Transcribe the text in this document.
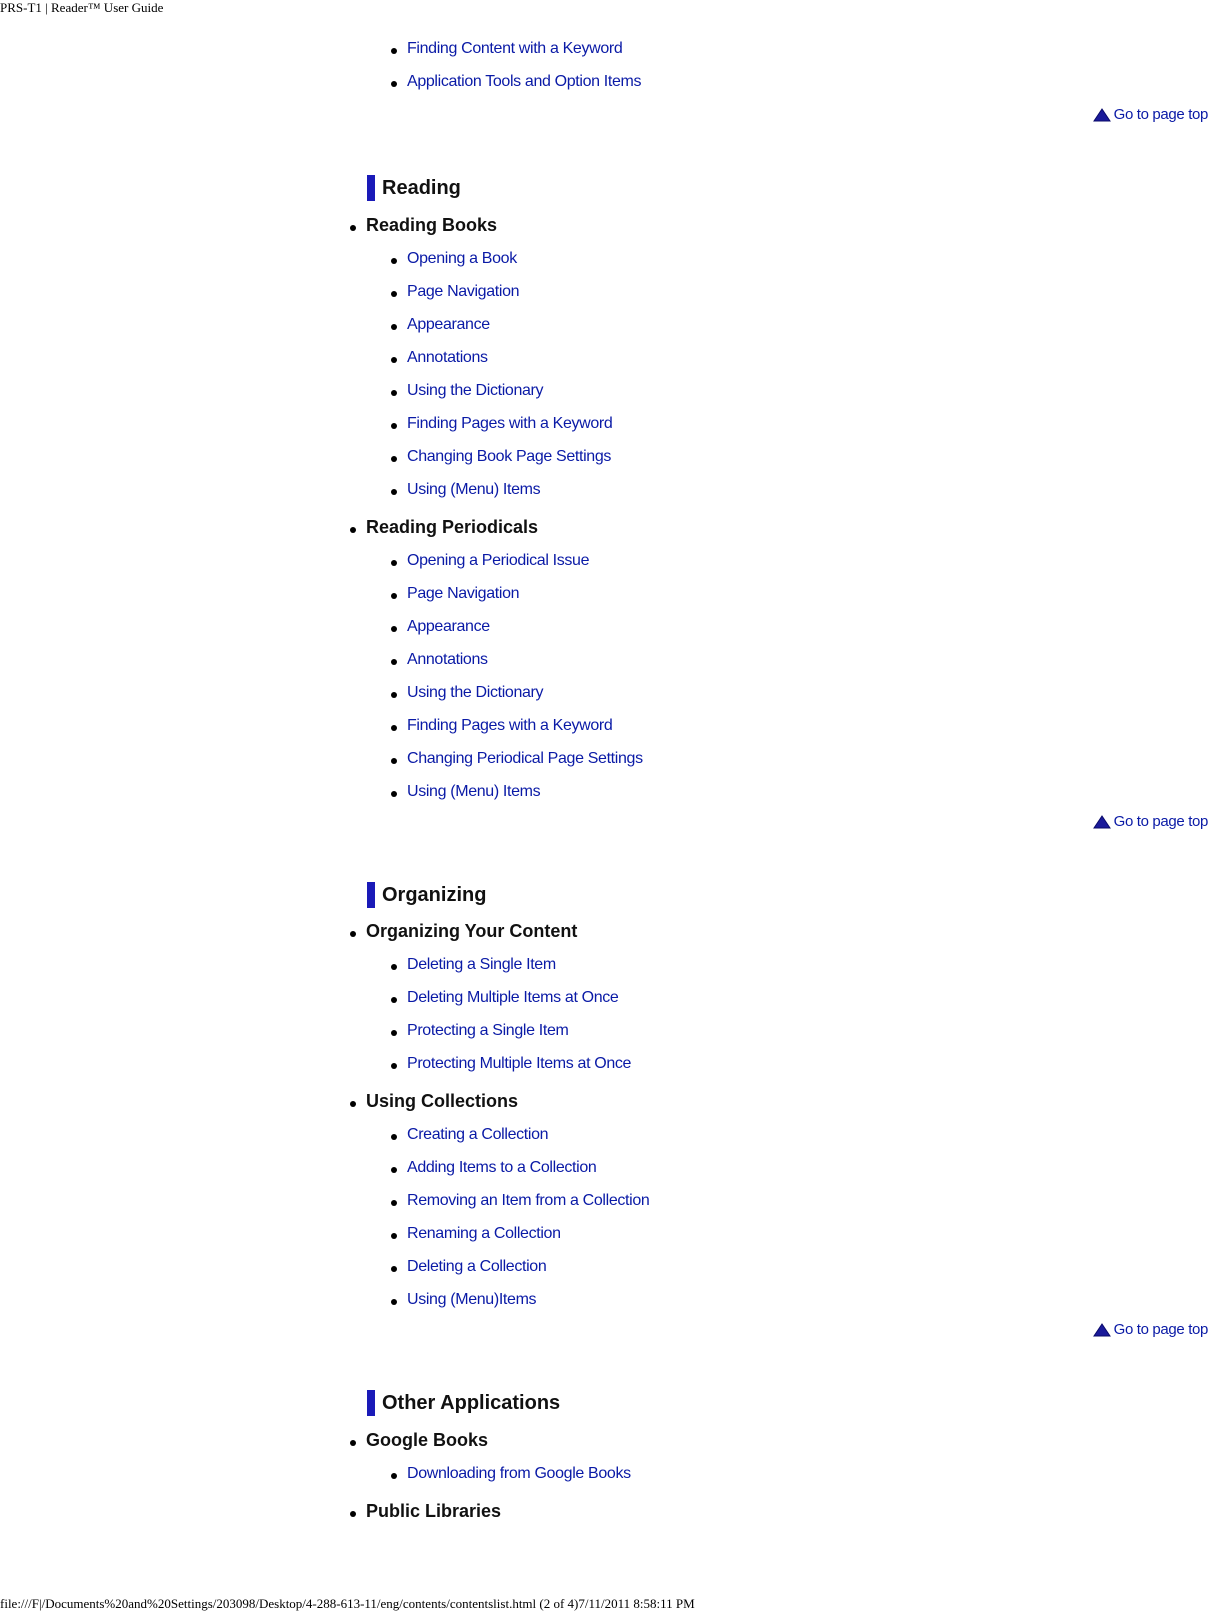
PRS-T1 | Reader™ User Guide
Finding Content with a Keyword
Application Tools and Option Items
Go to page top
Reading
Reading Books
Opening a Book
Page Navigation
Appearance
Annotations
Using the Dictionary
Finding Pages with a Keyword
Changing Book Page Settings
Using (Menu) Items
Reading Periodicals
Opening a Periodical Issue
Page Navigation
Appearance
Annotations
Using the Dictionary
Finding Pages with a Keyword
Changing Periodical Page Settings
Using (Menu) Items
Go to page top
Organizing
Organizing Your Content
Deleting a Single Item
Deleting Multiple Items at Once
Protecting a Single Item
Protecting Multiple Items at Once
Using Collections
Creating a Collection
Adding Items to a Collection
Removing an Item from a Collection
Renaming a Collection
Deleting a Collection
Using (Menu)Items
Go to page top
Other Applications
Google Books
Downloading from Google Books
Public Libraries
file:///F|/Documents%20and%20Settings/203098/Desktop/4-288-613-11/eng/contents/contentslist.html (2 of 4)7/11/2011 8:58:11 PM
